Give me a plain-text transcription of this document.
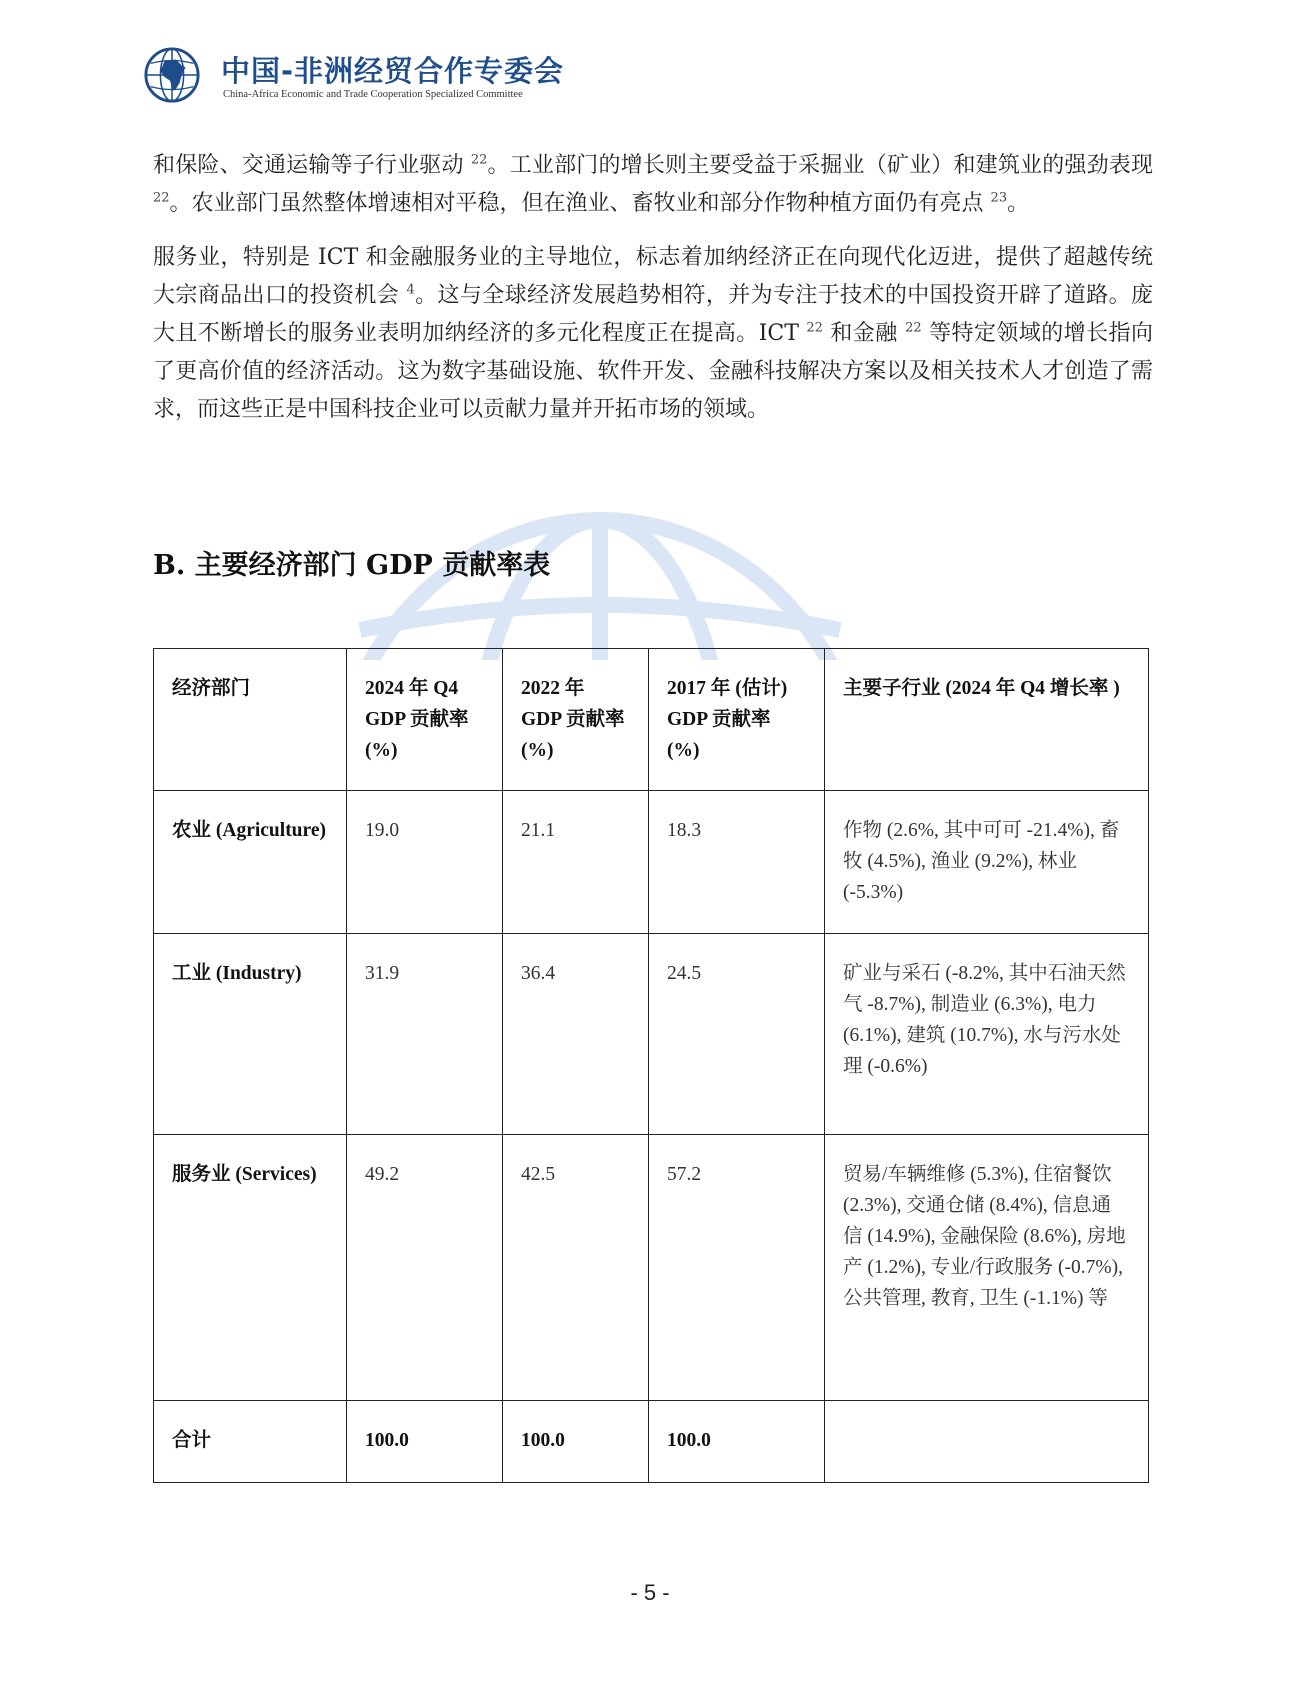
中国-非洲经贸合作专委会
China-Africa Economic and Trade Cooperation Specialized Committee

和保险、交通运输等子行业驱动 $^{22}$。工业部门的增长则主要受益于采掘业（矿业）和建筑业的强劲表现 $^{22}$。农业部门虽然整体增速相对平稳，但在渔业、畜牧业和部分作物种植方面仍有亮点 $^{23}$。

服务业，特别是 ICT 和金融服务业的主导地位，标志着加纳经济正在向现代化迈进，提供了超越传统大宗商品出口的投资机会 $^4$。这与全球经济发展趋势相符，并为专注于技术的中国投资开辟了道路。庞大且不断增长的服务业表明加纳经济的多元化程度正在提高。ICT $^{22}$ 和金融 $^{22}$ 等特定领域的增长指向了更高价值的经济活动。这为数字基础设施、软件开发、金融科技解决方案以及相关技术人才创造了需求，而这些正是中国科技企业可以贡献力量并开拓市场的领域。

B. 主要经济部门 GDP 贡献率表
经济部门	2024 年 Q4 GDP 贡献率 (%)	2022 年 GDP 贡献率 (%)	2017 年 (估计) GDP 贡献率 (%)	主要子行业 (2024 年 Q4 增长率 )
农业 (Agriculture)	19.0	21.1	18.3	作物 (2.6%, 其中可可 -21.4%), 畜牧 (4.5%), 渔业 (9.2%), 林业 (-5.3%)
工业 (Industry)	31.9	36.4	24.5	矿业与采石 (-8.2%, 其中石油天然气 -8.7%), 制造业 (6.3%), 电力 (6.1%), 建筑 (10.7%), 水与污水处理 (-0.6%)
服务业 (Services)	49.2	42.5	57.2	贸易/车辆维修 (5.3%), 住宿餐饮 (2.3%), 交通仓储 (8.4%), 信息通信 (14.9%), 金融保险 (8.6%), 房地产 (1.2%), 专业/行政服务 (-0.7%), 公共管理, 教育, 卫生 (-1.1%) 等
合计	100.0	100.0	100.0	
- 5 -
